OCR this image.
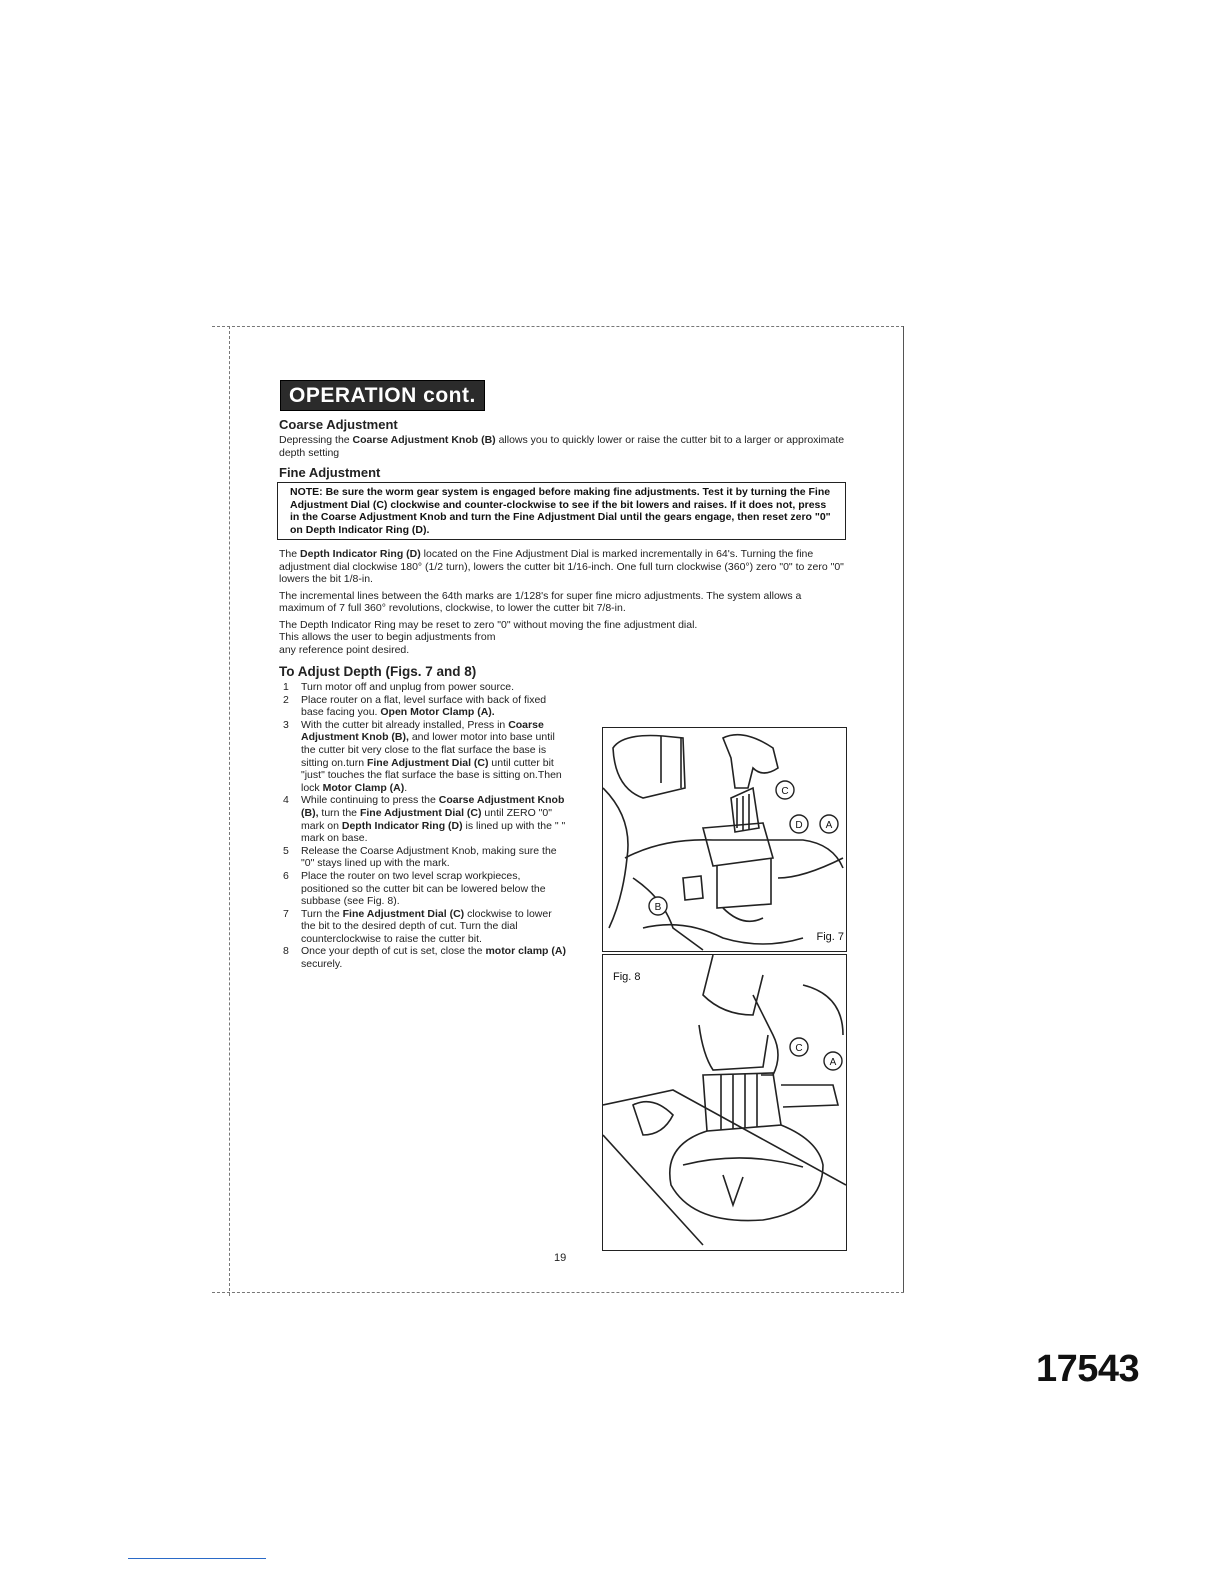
OPERATION cont.
Coarse Adjustment
Depressing the Coarse Adjustment Knob (B) allows you to quickly lower or raise the cutter bit to a larger or approximate depth setting
Fine Adjustment
NOTE: Be sure the worm gear system is engaged before making fine adjustments. Test it by turning the Fine Adjustment Dial (C) clockwise and counter-clockwise to see if the bit lowers and raises. If it does not, press in the Coarse Adjustment Knob and turn the Fine Adjustment Dial until the gears engage, then reset zero "0" on Depth Indicator Ring (D).
The Depth Indicator Ring (D) located on the Fine Adjustment Dial is marked incrementally in 64's. Turning the fine adjustment dial clockwise 180° (1/2 turn), lowers the cutter bit 1/16-inch. One full turn clockwise (360°) zero "0" to zero "0" lowers the bit 1/8-in.
The incremental lines between the 64th marks are 1/128's for super fine micro adjustments. The system allows a maximum of 7 full 360° revolutions, clockwise, to lower the cutter bit 7/8-in.
The Depth Indicator Ring may be reset to zero "0" without moving the fine adjustment dial.
This allows the user to begin adjustments from
any reference point desired.
To Adjust Depth (Figs. 7 and 8)
1 Turn motor off and unplug from power source.
2 Place router on a flat, level surface with back of fixed base facing you. Open Motor Clamp (A).
3 With the cutter bit already installed, Press in Coarse Adjustment Knob (B), and lower motor into base until the cutter bit very close to the flat surface the base is sitting on.turn Fine Adjustment Dial (C) until cutter bit "just" touches the flat surface the base is sitting on.Then lock Motor Clamp (A).
4 While continuing to press the Coarse Adjustment Knob (B), turn the Fine Adjustment Dial (C) until ZERO "0" mark on Depth Indicator Ring (D) is lined up with the " " mark on base.
5 Release the Coarse Adjustment Knob, making sure the "0" stays lined up with the mark.
6 Place the router on two level scrap workpieces, positioned so the cutter bit can be lowered below the subbase (see Fig. 8).
7 Turn the Fine Adjustment Dial (C) clockwise to lower the bit to the desired depth of cut. Turn the dial counterclockwise to raise the cutter bit.
8 Once your depth of cut is set, close the motor clamp (A) securely.
C
D A
B
Fig. 7
C
A
Fig. 8
19
17543
